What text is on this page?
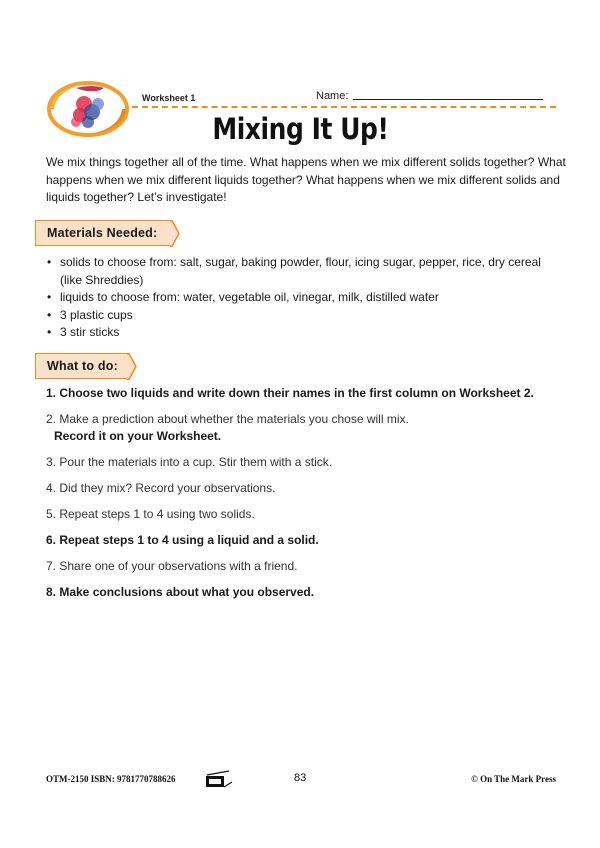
Worksheet 1	Name:
Mixing It Up!
We mix things together all of the time. What happens when we mix different solids together? What happens when we mix different liquids together? What happens when we mix different solids and liquids together? Let’s investigate!
Materials Needed:
• solids to choose from: salt, sugar, baking powder, flour, icing sugar, pepper, rice, dry cereal (like Shreddies)
• liquids to choose from: water, vegetable oil, vinegar, milk, distilled water
• 3 plastic cups
• 3 stir sticks
What to do:
1. Choose two liquids and write down their names in the first column on Worksheet 2.
2. Make a prediction about whether the materials you chose will mix.
Record it on your Worksheet.
3. Pour the materials into a cup. Stir them with a stick.
4. Did they mix? Record your observations.
5. Repeat steps 1 to 4 using two solids.
6. Repeat steps 1 to 4 using a liquid and a solid.
7. Share one of your observations with a friend.
8. Make conclusions about what you observed.
OTM-2150 ISBN: 9781770788626	83	© On The Mark Press
